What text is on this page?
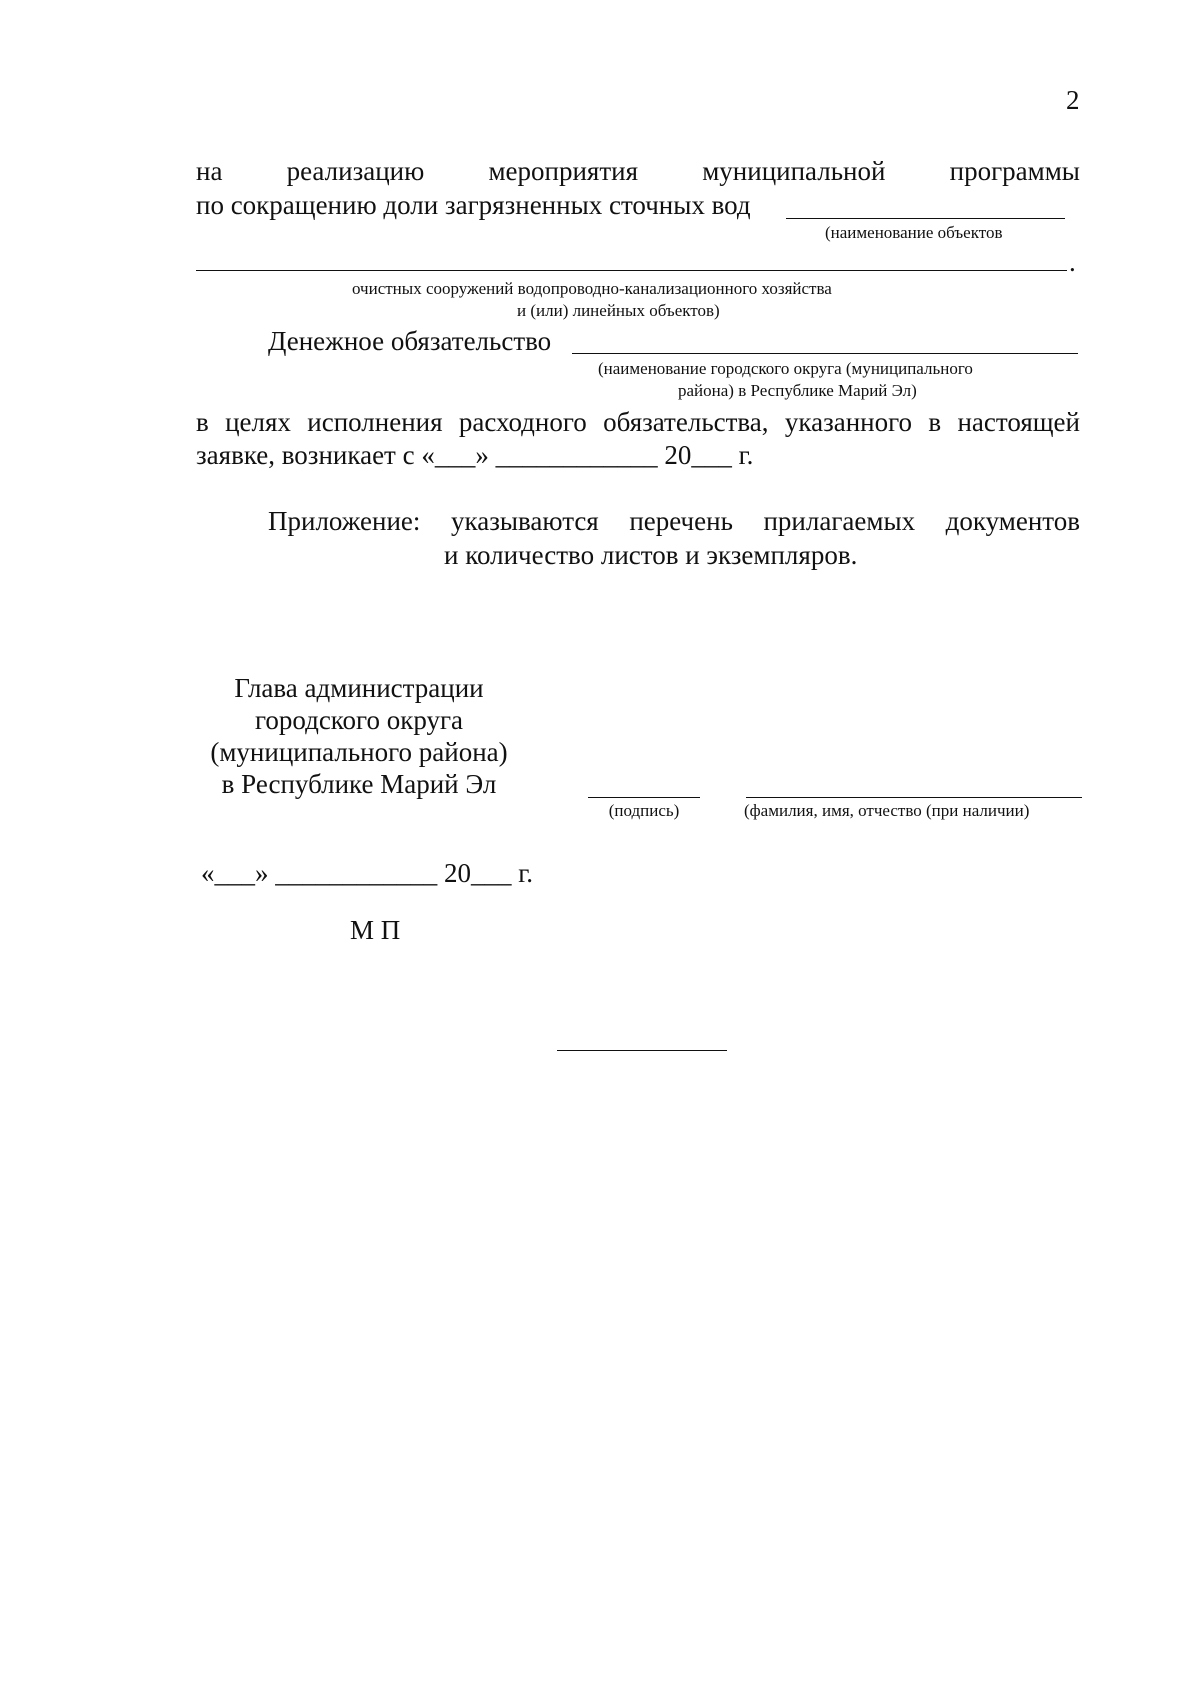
2
на реализацию мероприятия муниципальной программы
по сокращению доли загрязненных сточных вод
(наименование объектов
.
очистных сооружений водопроводно-канализационного хозяйства
и (или) линейных объектов)
Денежное обязательство
(наименование городского округа (муниципального
района) в Республике Марий Эл)
в целях исполнения расходного обязательства, указанного в настоящей
заявке, возникает с «___» ____________ 20___ г.
Приложение: указываются перечень прилагаемых документов
и количество листов и экземпляров.
Глава администрации
городского округа
(муниципального района)
в Республике Марий Эл
(подпись)	(фамилия, имя, отчество (при наличии)
«___» ____________ 20___ г.
М П
